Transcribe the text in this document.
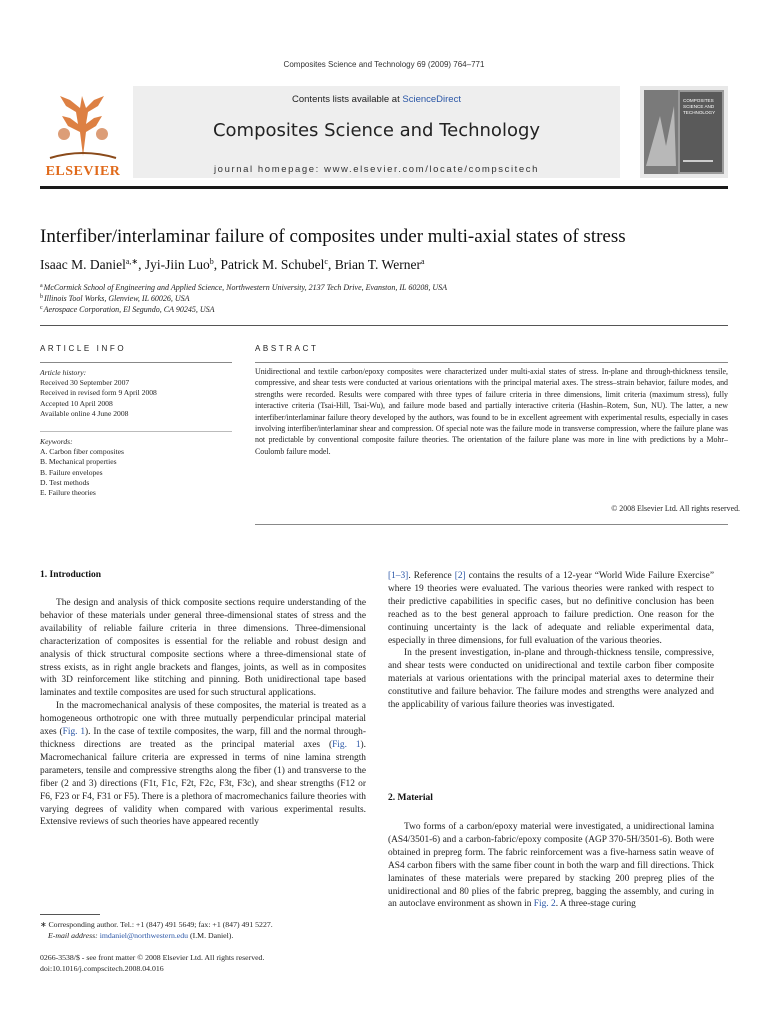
Composites Science and Technology 69 (2009) 764–771
ELSEVIER
Contents lists available at ScienceDirect
Composites Science and Technology
journal homepage: www.elsevier.com/locate/compscitech
COMPOSITES
SCIENCE AND
TECHNOLOGY
Interfiber/interlaminar failure of composites under multi-axial states of stress
Isaac M. Daniel$^{a,∗}$, Jyi-Jiin Luo$^b$, Patrick M. Schubel$^c$, Brian T. Werner$^a$
$^a$McCormick School of Engineering and Applied Science, Northwestern University, 2137 Tech Drive, Evanston, IL 60208, USA
$^b$Illinois Tool Works, Glenview, IL 60026, USA
$^c$Aerospace Corporation, El Segundo, CA 90245, USA
ARTICLE INFO
Article history:
Received 30 September 2007
Received in revised form 9 April 2008
Accepted 10 April 2008
Available online 4 June 2008
Keywords:
A. Carbon fiber composites
B. Mechanical properties
B. Failure envelopes
D. Test methods
E. Failure theories
ABSTRACT
Unidirectional and textile carbon/epoxy composites were characterized under multi-axial states of stress. In-plane and through-thickness tensile, compressive, and shear tests were conducted at various orientations with the principal material axes. The stress–strain behavior, failure modes, and strengths were recorded. Results were compared with three types of failure criteria in three dimensions, limit criteria (maximum stress), fully interactive criteria (Tsai-Hill, Tsai-Wu), and failure mode based and partially interactive criteria (Hashin–Rotem, Sun, NU). The latter, a new interfiber/interlaminar failure theory developed by the authors, was found to be in excellent agreement with experimental results, especially in cases involving interfiber/interlaminar shear and compression. Of special note was the failure mode in transverse compression, where the failure plane was not predictable by conventional composite failure theories. The orientation of the failure plane was more in line with predictions by a Mohr–Coulomb failure model.
© 2008 Elsevier Ltd. All rights reserved.
1. Introduction

The design and analysis of thick composite sections require understanding of the behavior of these materials under general three-dimensional states of stress and the availability of reliable failure criteria in three dimensions. Three-dimensional characterization of composites is essential for the reliable and robust design and analysis of thick structural composite sections where a three-dimensional state of stress exists, as in right angle brackets and flanges, joints, as well as in composites with 3D reinforcement like stitching and pinning. Both unidirectional tape based laminates and textile composites are used for such structural applications.

In the macromechanical analysis of these composites, the material is treated as a homogeneous orthotropic one with three mutually perpendicular principal material axes (Fig. 1). In the case of textile composites, the warp, fill and the normal through-thickness directions are treated as the principal material axes (Fig. 1). Macromechanical failure criteria are expressed in terms of nine lamina strength parameters, tensile and compressive strengths along the fiber (1) and transverse to the fiber (2 and 3) directions (F1t, F1c, F2t, F2c, F3t, F3c), and shear strengths (F12 or F6, F23 or F4, F31 or F5). There is a plethora of macromechanics failure theories with varying degrees of validity when compared with various experimental results. Extensive reviews of such theories have appeared recently

[1–3]. Reference [2] contains the results of a 12-year “World Wide Failure Exercise” where 19 theories were evaluated. The various theories were ranked with respect to their predictive capabilities in specific cases, but no definitive conclusion has been reached as to the best general approach to failure prediction. One reason for the continuing uncertainty is the lack of adequate and reliable experimental data, especially in three dimensions, for full evaluation of the various theories.

In the present investigation, in-plane and through-thickness tensile, compressive, and shear tests were conducted on unidirectional and textile carbon fiber composite materials at various orientations with the principal material axes to determine their constitutive and failure behavior. The failure modes and strengths were analyzed and the applicability of various failure theories was investigated.

2. Material

Two forms of a carbon/epoxy material were investigated, a unidirectional lamina (AS4/3501-6) and a carbon-fabric/epoxy composite (AGP 370-5H/3501-6). Both were obtained in prepreg form. The fabric reinforcement was a five-harness satin weave of AS4 carbon fibers with the same fiber count in both the warp and fill directions. Thick laminates of these materials were prepared by stacking 200 prepreg plies of the unidirectional and 80 plies of the fabric prepreg, bagging the assembly, and curing in an autoclave environment as shown in Fig. 2. A three-stage curing

∗ Corresponding author. Tel.: +1 (847) 491 5649; fax: +1 (847) 491 5227.
E-mail address: imdaniel@northwestern.edu (I.M. Daniel).
0266-3538/$ - see front matter © 2008 Elsevier Ltd. All rights reserved.
doi:10.1016/j.compscitech.2008.04.016
